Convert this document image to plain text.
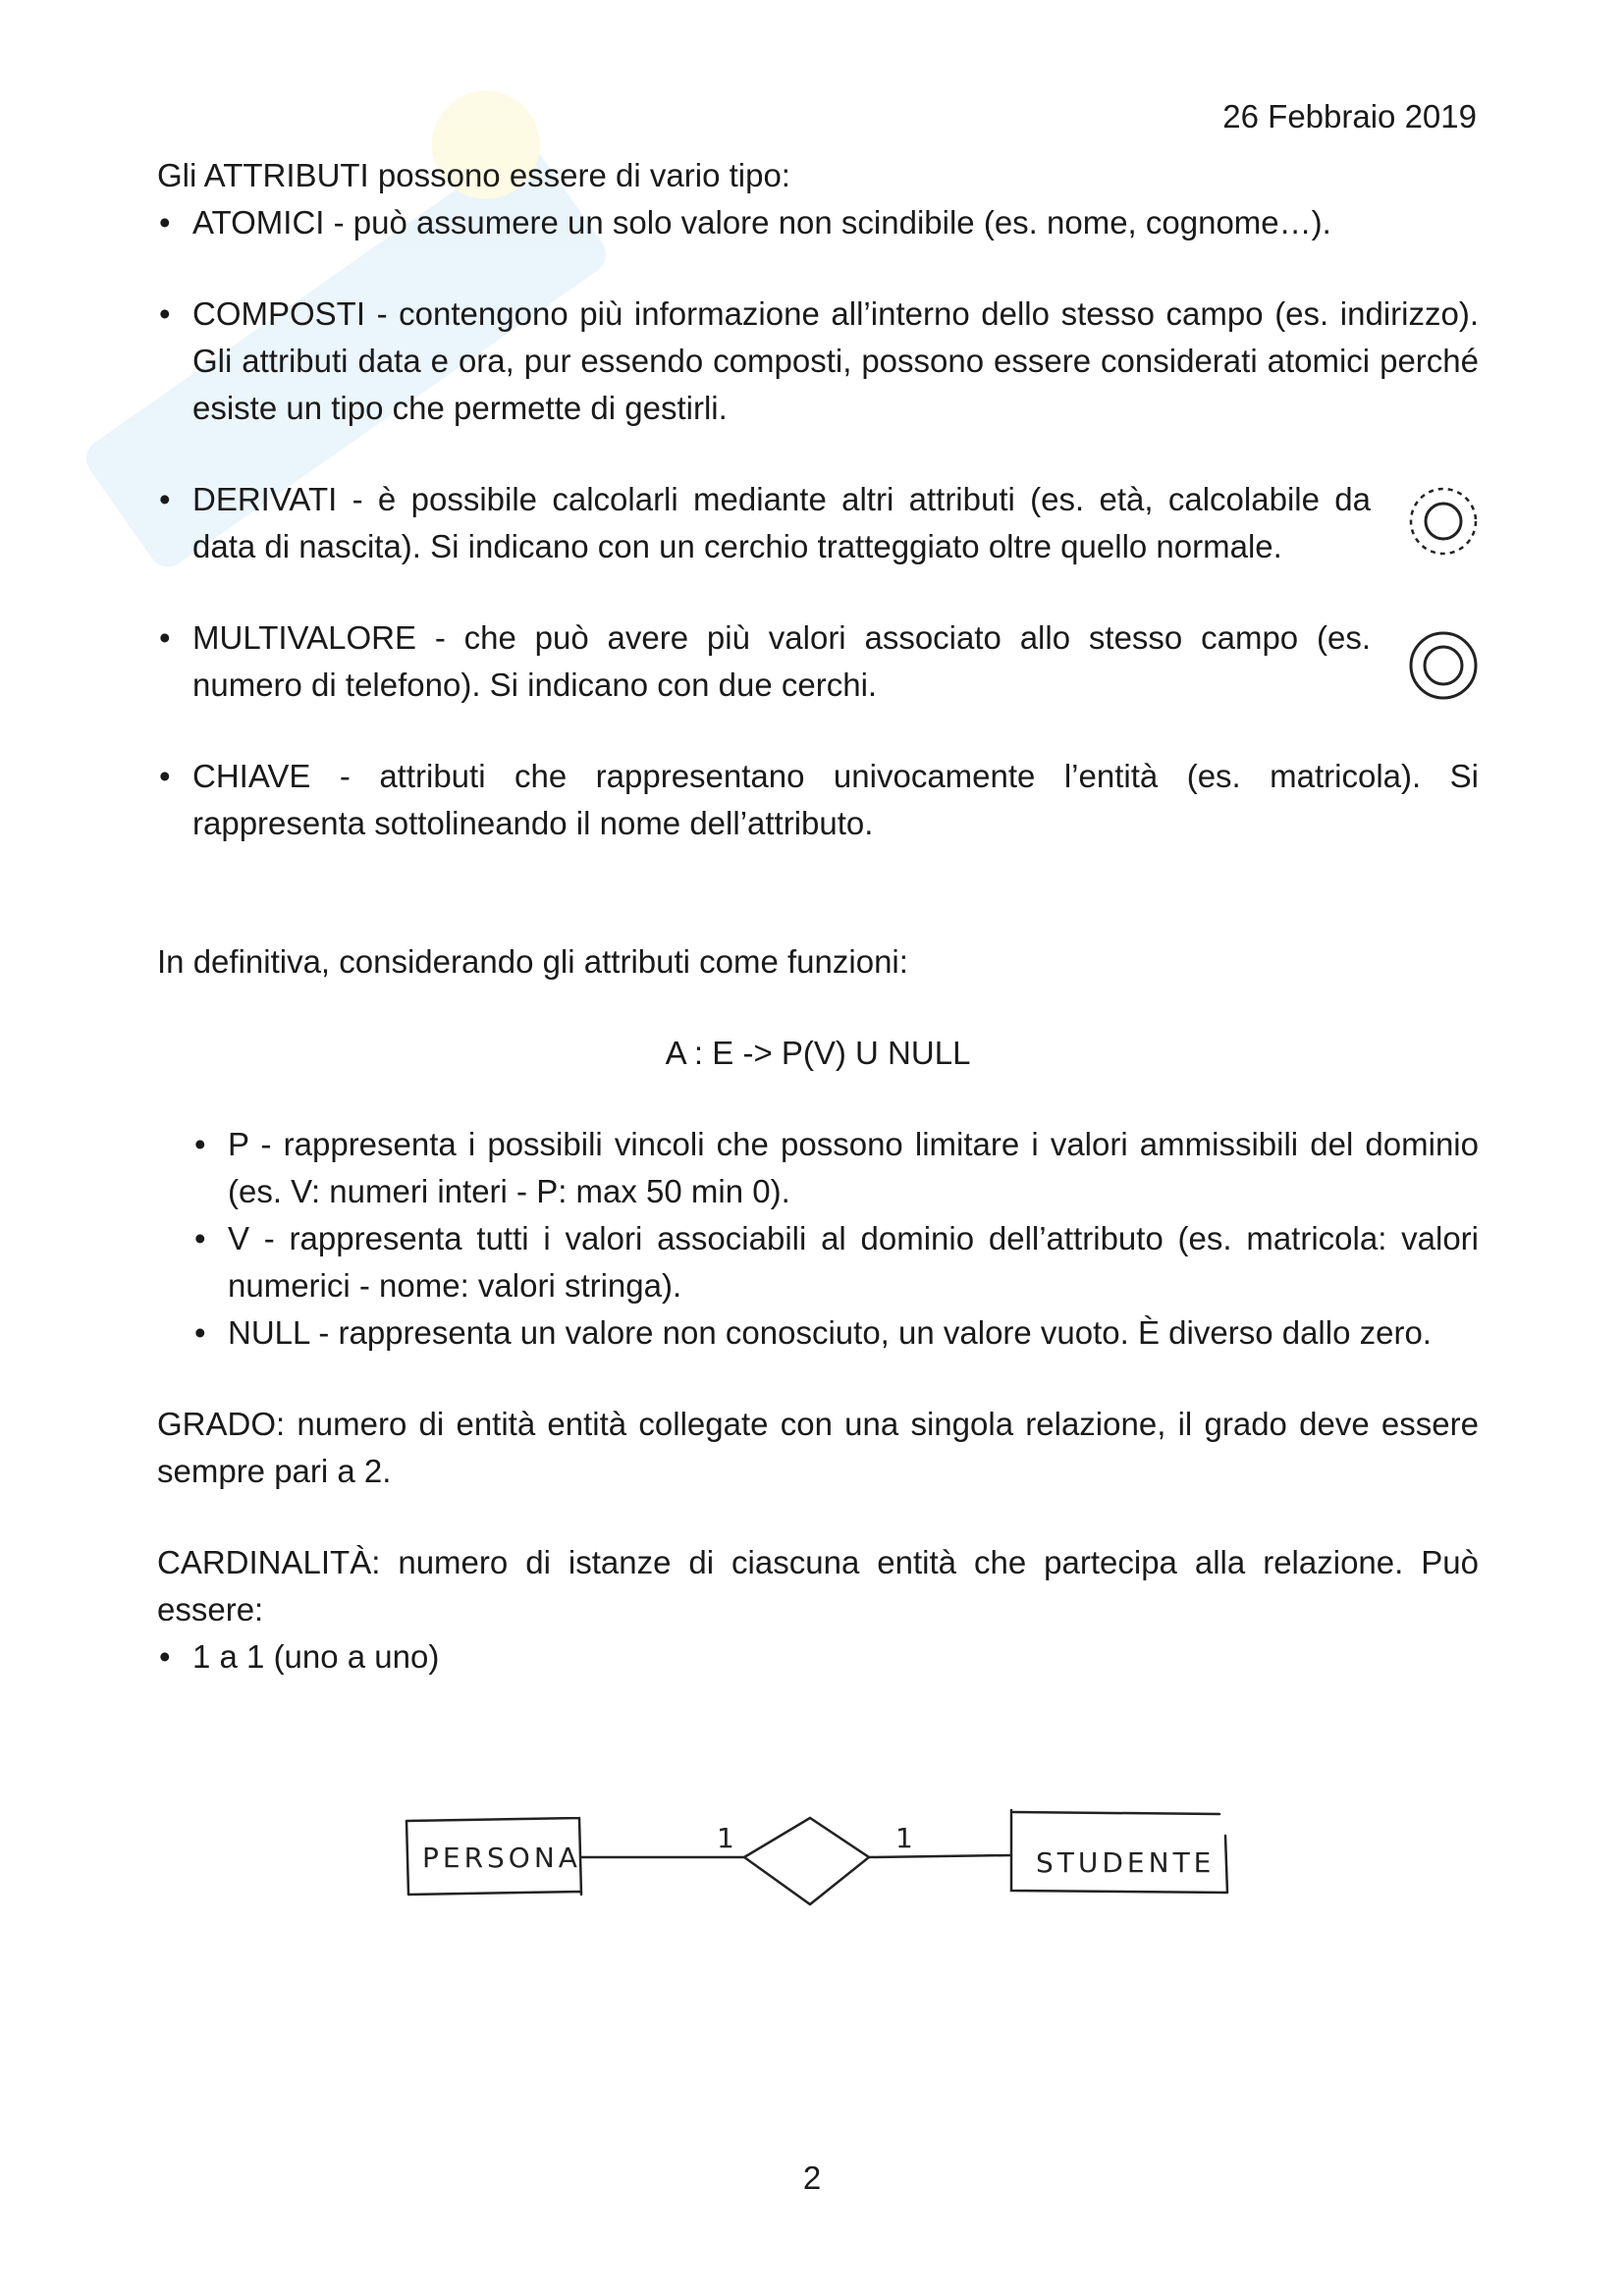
26 Febbraio 2019

Gli ATTRIBUTI possono essere di vario tipo:

• ATOMICI - può assumere un solo valore non scindibile (es. nome, cognome…).
• COMPOSTI - contengono più informazione all’interno dello stesso campo (es. indirizzo). Gli attributi data e ora, pur essendo composti, possono essere considerati atomici perché esiste un tipo che permette di gestirli.
• DERIVATI - è possibile calcolarli mediante altri attributi (es. età, calcolabile da data di nascita). Si indicano con un cerchio tratteggiato oltre quello normale.
• MULTIVALORE - che può avere più valori associato allo stesso campo (es. numero di telefono). Si indicano con due cerchi.
• CHIAVE - attributi che rappresentano univocamente l’entità (es. matricola). Si rappresenta sottolineando il nome dell’attributo.

In definitiva, considerando gli attributi come funzioni:

A : E -> P(V) U NULL

• P - rappresenta i possibili vincoli che possono limitare i valori ammissibili del dominio (es. V: numeri interi - P: max 50 min 0).
• V - rappresenta tutti i valori associabili al dominio dell’attributo (es. matricola: valori numerici - nome: valori stringa).
• NULL - rappresenta un valore non conosciuto, un valore vuoto. È diverso dallo zero.

GRADO: numero di entità entità collegate con una singola relazione, il grado deve essere sempre pari a 2.

CARDINALITÀ: numero di istanze di ciascuna entità che partecipa alla relazione. Può essere:

• 1 a 1 (uno a uno)
PERSONA	STUDENTE
1	1
2
